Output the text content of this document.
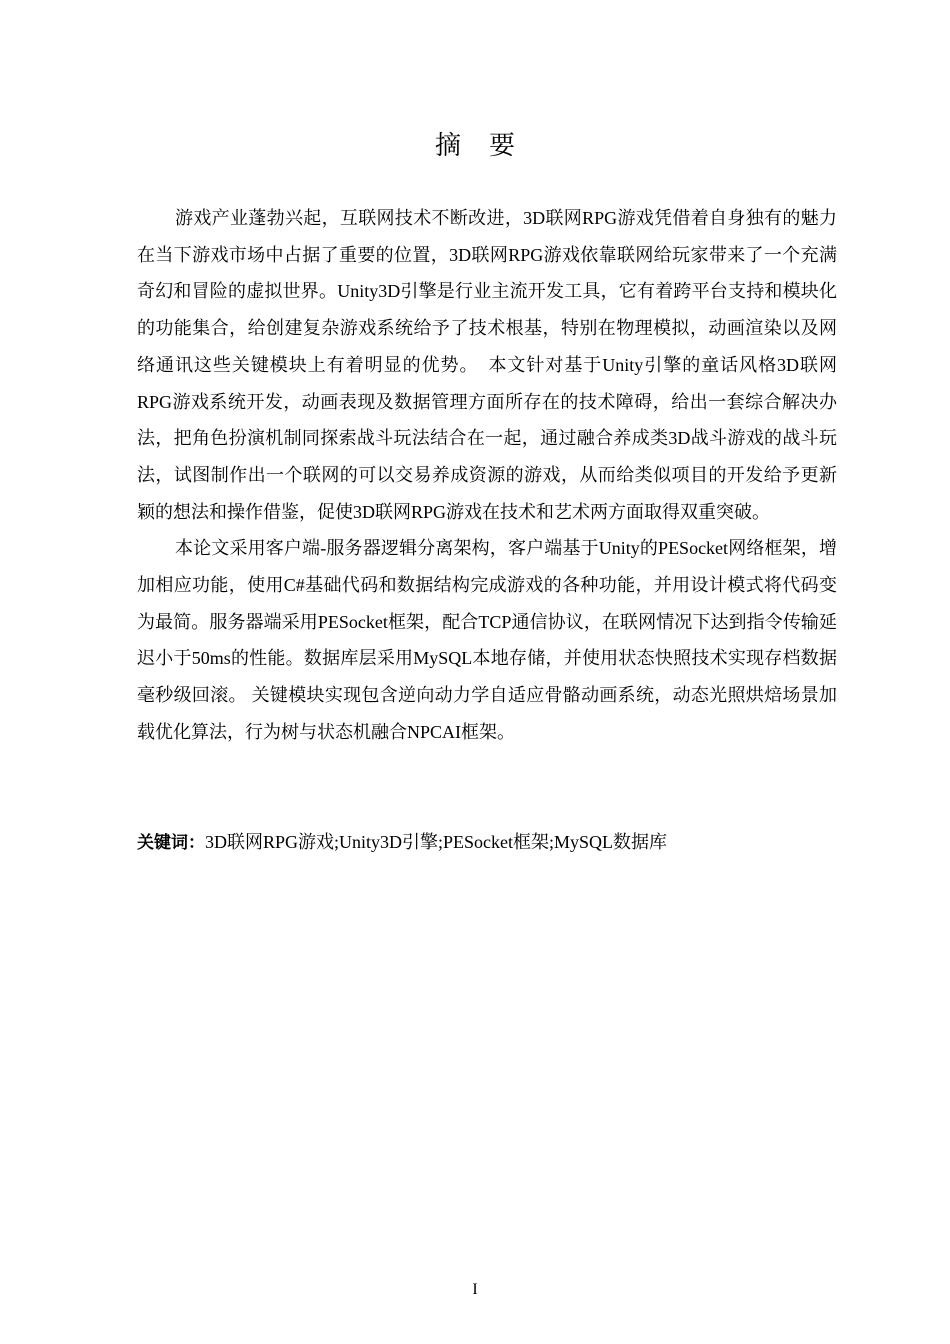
摘要

游戏产业蓬勃兴起，互联网技术不断改进，3D联网RPG游戏凭借着自身独有的魅力在当下游戏市场中占据了重要的位置，3D联网RPG游戏依靠联网给玩家带来了一个充满奇幻和冒险的虚拟世界。Unity3D引擎是行业主流开发工具，它有着跨平台支持和模块化的功能集合，给创建复杂游戏系统给予了技术根基，特别在物理模拟，动画渲染以及网络通讯这些关键模块上有着明显的优势。　本文针对基于Unity引擎的童话风格3D联网RPG游戏系统开发，动画表现及数据管理方面所存在的技术障碍，给出一套综合解决办法，把角色扮演机制同探索战斗玩法结合在一起，通过融合养成类3D战斗游戏的战斗玩法，试图制作出一个联网的可以交易养成资源的游戏，从而给类似项目的开发给予更新颖的想法和操作借鉴，促使3D联网RPG游戏在技术和艺术两方面取得双重突破。

本论文采用客户端-服务器逻辑分离架构，客户端基于Unity的PESocket网络框架，增加相应功能，使用C#基础代码和数据结构完成游戏的各种功能，并用设计模式将代码变为最简。服务器端采用PESocket框架，配合TCP通信协议，在联网情况下达到指令传输延迟小于50ms的性能。数据库层采用MySQL本地存储，并使用状态快照技术实现存档数据毫秒级回滚。 关键模块实现包含逆向动力学自适应骨骼动画系统，动态光照烘焙场景加载优化算法，行为树与状态机融合NPCAI框架。

关键词：3D联网RPG游戏;Unity3D引擎;PESocket框架;MySQL数据库
I
